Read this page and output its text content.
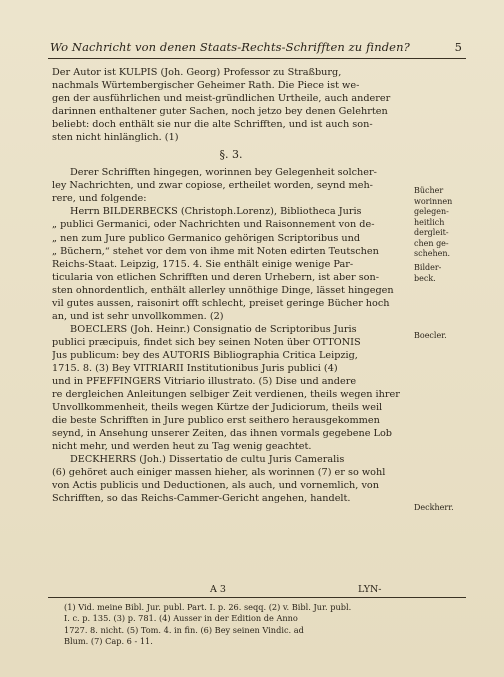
Wo Nachricht von denen Staats-Rechts-Schrifften zu finden?	5
Der Autor ist KULPIS (Joh. Georg) Professor zu Straßburg,
nachmals Würtembergischer Geheimer Rath. Die Piece ist we-
gen der ausführlichen und meist-gründlichen Urtheile, auch anderer
darinnen enthaltener guter Sachen, noch jetzo bey denen Gelehrten
beliebt: doch enthält sie nur die alte Schrifften, und ist auch son-
sten nicht hinlänglich. (1)
§. 3.
Derer Schrifften hingegen, worinnen bey Gelegenheit solcher-
ley Nachrichten, und zwar copiose, ertheilet worden, seynd meh-
rere, und folgende:
Herrn BILDERBECKS (Christoph.Lorenz), Bibliotheca Juris
„ publici Germanici, oder Nachrichten und Raisonnement von de-
„ nen zum Jure publico Germanico gehörigen Scriptoribus und
„ Büchern,“ stehet vor dem von ihme mit Noten edirten Teutschen
Reichs-Staat. Leipzig, 1715. 4. Sie enthält einige wenige Par-
ticularia von etlichen Schrifften und deren Urhebern, ist aber son-
sten ohnordentlich, enthält allerley unnöthige Dinge, lässet hingegen
vil gutes aussen, raisonirt offt schlecht, preiset geringe Bücher hoch
an, und ist sehr unvollkommen. (2)
BOECLERS (Joh. Heinr.) Consignatio de Scriptoribus Juris
publici præcipuis, findet sich bey seinen Noten über OTTONIS
Jus publicum: bey des AUTORIS Bibliographia Critica Leipzig,
1715. 8. (3) Bey VITRIARII Institutionibus Juris publici (4)
und in PFEFFINGERS Vitriario illustrato. (5) Dise und andere
re dergleichen Anleitungen selbiger Zeit verdienen, theils wegen ihrer
Unvollkommenheit, theils wegen Kürtze der Judiciorum, theils weil
die beste Schrifften in Jure publico erst seithero herausgekommen
seynd, in Ansehung unserer Zeiten, das ihnen vormals gegebene Lob
nicht mehr, und werden heut zu Tag wenig geachtet.
DECKHERRS (Joh.) Dissertatio de cultu Juris Cameralis
(6) gehöret auch einiger massen hieher, als worinnen (7) er so wohl
von Actis publicis und Deductionen, als auch, und vornemlich, von
Schrifften, so das Reichs-Cammer-Gericht angehen, handelt.
Bücher
worinnen
gelegen-
heitlich
dergleit-
chen ge-
schehen.
Bilder-
beck.
Boecler.
Deckherr.
A 3	LYN-
(1) Vid. meine Bibl. Jur. publ. Part. I. p. 26. seqq. (2) v. Bibl. Jur. publ.
I. c. p. 135. (3) p. 781. (4) Ausser in der Edition de Anno
1727. 8. nicht. (5) Tom. 4. in fin. (6) Bey seinen Vindic. ad
Blum. (7) Cap. 6 - 11.
